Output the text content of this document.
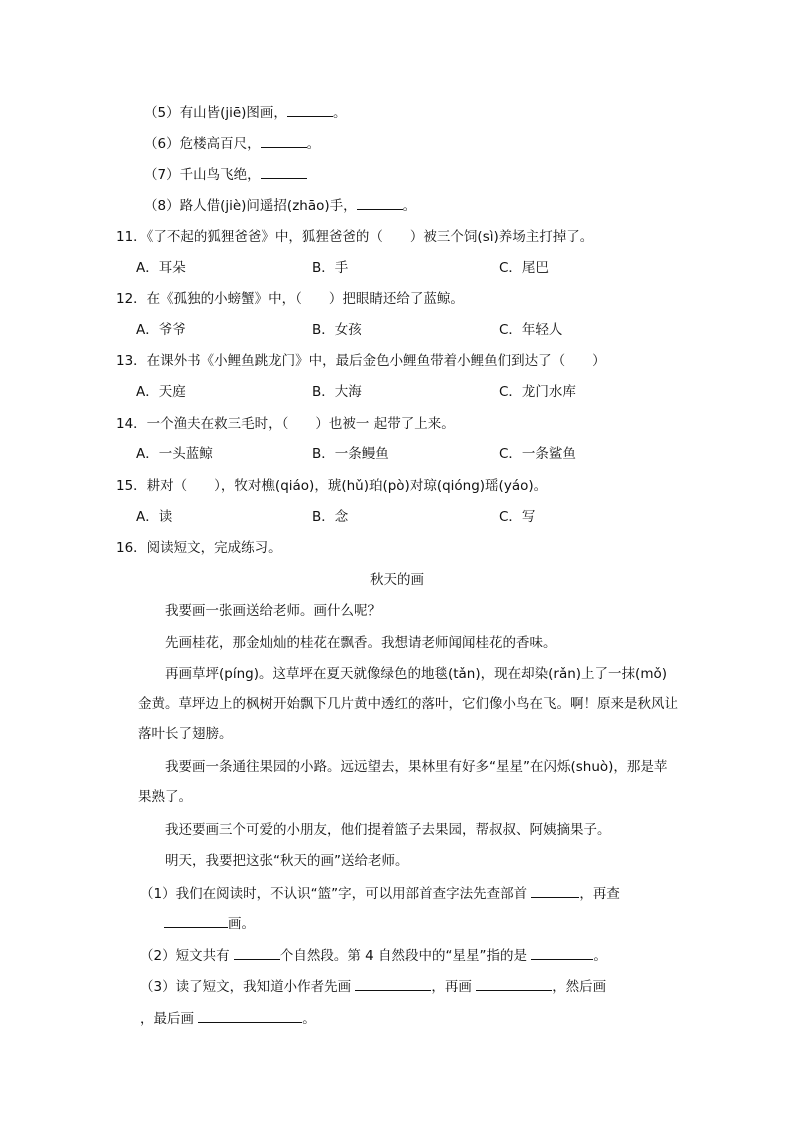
（5）有山皆(jiē)图画，	。
（6）危楼高百尺，	。
（7）千山鸟飞绝，
（8）路人借(jiè)问遥招(zhāo)手，	。
11．《了不起的狐狸爸爸》中，狐狸爸爸的（　　）被三个饲(sì)养场主打掉了。
A．耳朵	B．手	C．尾巴
12．在《孤独的小螃蟹》中，（　　）把眼睛还给了蓝鲸。
A．爷爷	B．女孩	C．年轻人
13．在课外书《小鲤鱼跳龙门》中，最后金色小鲤鱼带着小鲤鱼们到达了（　　）
A．天庭	B．大海	C．龙门水库
14．一个渔夫在救三毛时，（　　）也被一 起带了上来。
A．一头蓝鲸	B．一条鳗鱼	C．一条鲨鱼
15．耕对（　　），牧对樵(qiáo)，琥(hǔ)珀(pò)对琼(qióng)瑶(yáo)。
A．读	B．念	C．写
16．阅读短文，完成练习。
秋天的画
我要画一张画送给老师。画什么呢？
先画桂花，那金灿灿的桂花在飘香。我想请老师闻闻桂花的香味。
再画草坪(píng)。这草坪在夏天就像绿色的地毯(tǎn)，现在却染(rǎn)上了一抹(mǒ)金黄。草坪边上的枫树开始飘下几片黄中透红的落叶，它们像小鸟在飞。啊！原来是秋风让落叶长了翅膀。
我要画一条通往果园的小路。远远望去，果林里有好多“星星”在闪烁(shuò)，那是苹果熟了。
我还要画三个可爱的小朋友，他们提着篮子去果园，帮叔叔、阿姨摘果子。
明天，我要把这张“秋天的画”送给老师。
（1）我们在阅读时，不认识“篮”字，可以用部首查字法先查部首	，再查
画。
（2）短文共有	个自然段。第 4 自然段中的“星星”指的是	。
（3）读了短文，我知道小作者先画	，再画	，然后画
，最后画	。
